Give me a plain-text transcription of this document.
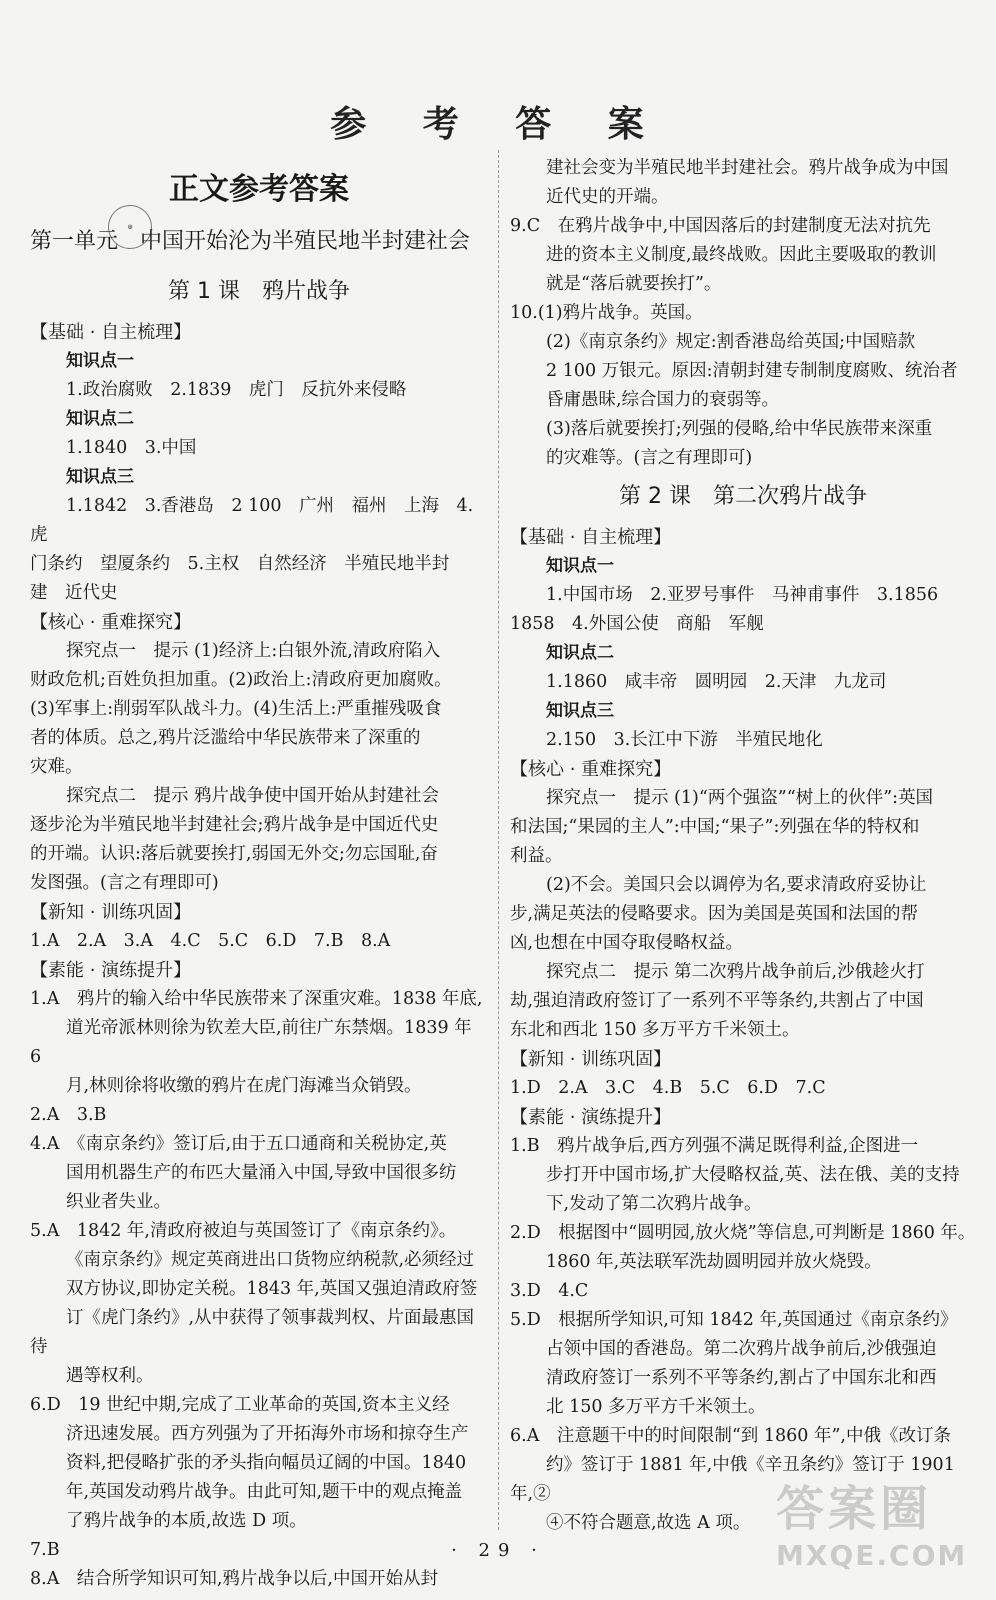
参 考 答 案
⊛
正文参考答案
第一单元　中国开始沦为半殖民地半封建社会
第 1 课　鸦片战争
【基础 · 自主梳理】
知识点一
1.政治腐败　2.1839　虎门　反抗外来侵略
知识点二
1.1840　3.中国
知识点三
1.1842　3.香港岛　2 100　广州　福州　上海　4.虎
门条约　望厦条约　5.主权　自然经济　半殖民地半封
建　近代史
【核心 · 重难探究】
探究点一　提示 (1)经济上:白银外流,清政府陷入
财政危机;百姓负担加重。(2)政治上:清政府更加腐败。
(3)军事上:削弱军队战斗力。(4)生活上:严重摧残吸食
者的体质。总之,鸦片泛滥给中华民族带来了深重的
灾难。
探究点二　提示 鸦片战争使中国开始从封建社会
逐步沦为半殖民地半封建社会;鸦片战争是中国近代史
的开端。认识:落后就要挨打,弱国无外交;勿忘国耻,奋
发图强。(言之有理即可)
【新知 · 训练巩固】
1.A　2.A　3.A　4.C　5.C　6.D　7.B　8.A
【素能 · 演练提升】
1.A　鸦片的输入给中华民族带来了深重灾难。1838 年底,
道光帝派林则徐为钦差大臣,前往广东禁烟。1839 年 6
月,林则徐将收缴的鸦片在虎门海滩当众销毁。
2.A　3.B
4.A　《南京条约》签订后,由于五口通商和关税协定,英
国用机器生产的布匹大量涌入中国,导致中国很多纺
织业者失业。
5.A　1842 年,清政府被迫与英国签订了《南京条约》。
《南京条约》规定英商进出口货物应纳税款,必须经过
双方协议,即协定关税。1843 年,英国又强迫清政府签
订《虎门条约》,从中获得了领事裁判权、片面最惠国待
遇等权利。
6.D　19 世纪中期,完成了工业革命的英国,资本主义经
济迅速发展。西方列强为了开拓海外市场和掠夺生产
资料,把侵略扩张的矛头指向幅员辽阔的中国。1840
年,英国发动鸦片战争。由此可知,题干中的观点掩盖
了鸦片战争的本质,故选 D 项。
7.B
8.A　结合所学知识可知,鸦片战争以后,中国开始从封
建社会变为半殖民地半封建社会。鸦片战争成为中国
近代史的开端。
9.C　在鸦片战争中,中国因落后的封建制度无法对抗先
进的资本主义制度,最终战败。因此主要吸取的教训
就是“落后就要挨打”。
10.(1)鸦片战争。英国。
(2)《南京条约》规定:割香港岛给英国;中国赔款
2 100 万银元。原因:清朝封建专制制度腐败、统治者
昏庸愚昧,综合国力的衰弱等。
(3)落后就要挨打;列强的侵略,给中华民族带来深重
的灾难等。(言之有理即可)
第 2 课　第二次鸦片战争
【基础 · 自主梳理】
知识点一
1.中国市场　2.亚罗号事件　马神甫事件　3.1856
1858　4.外国公使　商船　军舰
知识点二
1.1860　咸丰帝　圆明园　2.天津　九龙司
知识点三
2.150　3.长江中下游　半殖民地化
【核心 · 重难探究】
探究点一　提示 (1)“两个强盗”“树上的伙伴”:英国
和法国;“果园的主人”:中国;“果子”:列强在华的特权和
利益。
(2)不会。美国只会以调停为名,要求清政府妥协让
步,满足英法的侵略要求。因为美国是英国和法国的帮
凶,也想在中国夺取侵略权益。
探究点二　提示 第二次鸦片战争前后,沙俄趁火打
劫,强迫清政府签订了一系列不平等条约,共割占了中国
东北和西北 150 多万平方千米领土。
【新知 · 训练巩固】
1.D　2.A　3.C　4.B　5.C　6.D　7.C
【素能 · 演练提升】
1.B　鸦片战争后,西方列强不满足既得利益,企图进一
步打开中国市场,扩大侵略权益,英、法在俄、美的支持
下,发动了第二次鸦片战争。
2.D　根据图中“圆明园,放火烧”等信息,可判断是 1860 年。
1860 年,英法联军洗劫圆明园并放火烧毁。
3.D　4.C
5.D　根据所学知识,可知 1842 年,英国通过《南京条约》
占领中国的香港岛。第二次鸦片战争前后,沙俄强迫
清政府签订一系列不平等条约,割占了中国东北和西
北 150 多万平方千米领土。
6.A　注意题干中的时间限制“到 1860 年”,中俄《改订条
约》签订于 1881 年,中俄《辛丑条约》签订于 1901 年,②
④不符合题意,故选 A 项。
· 29 ·
答案圈
MXQE.COM
